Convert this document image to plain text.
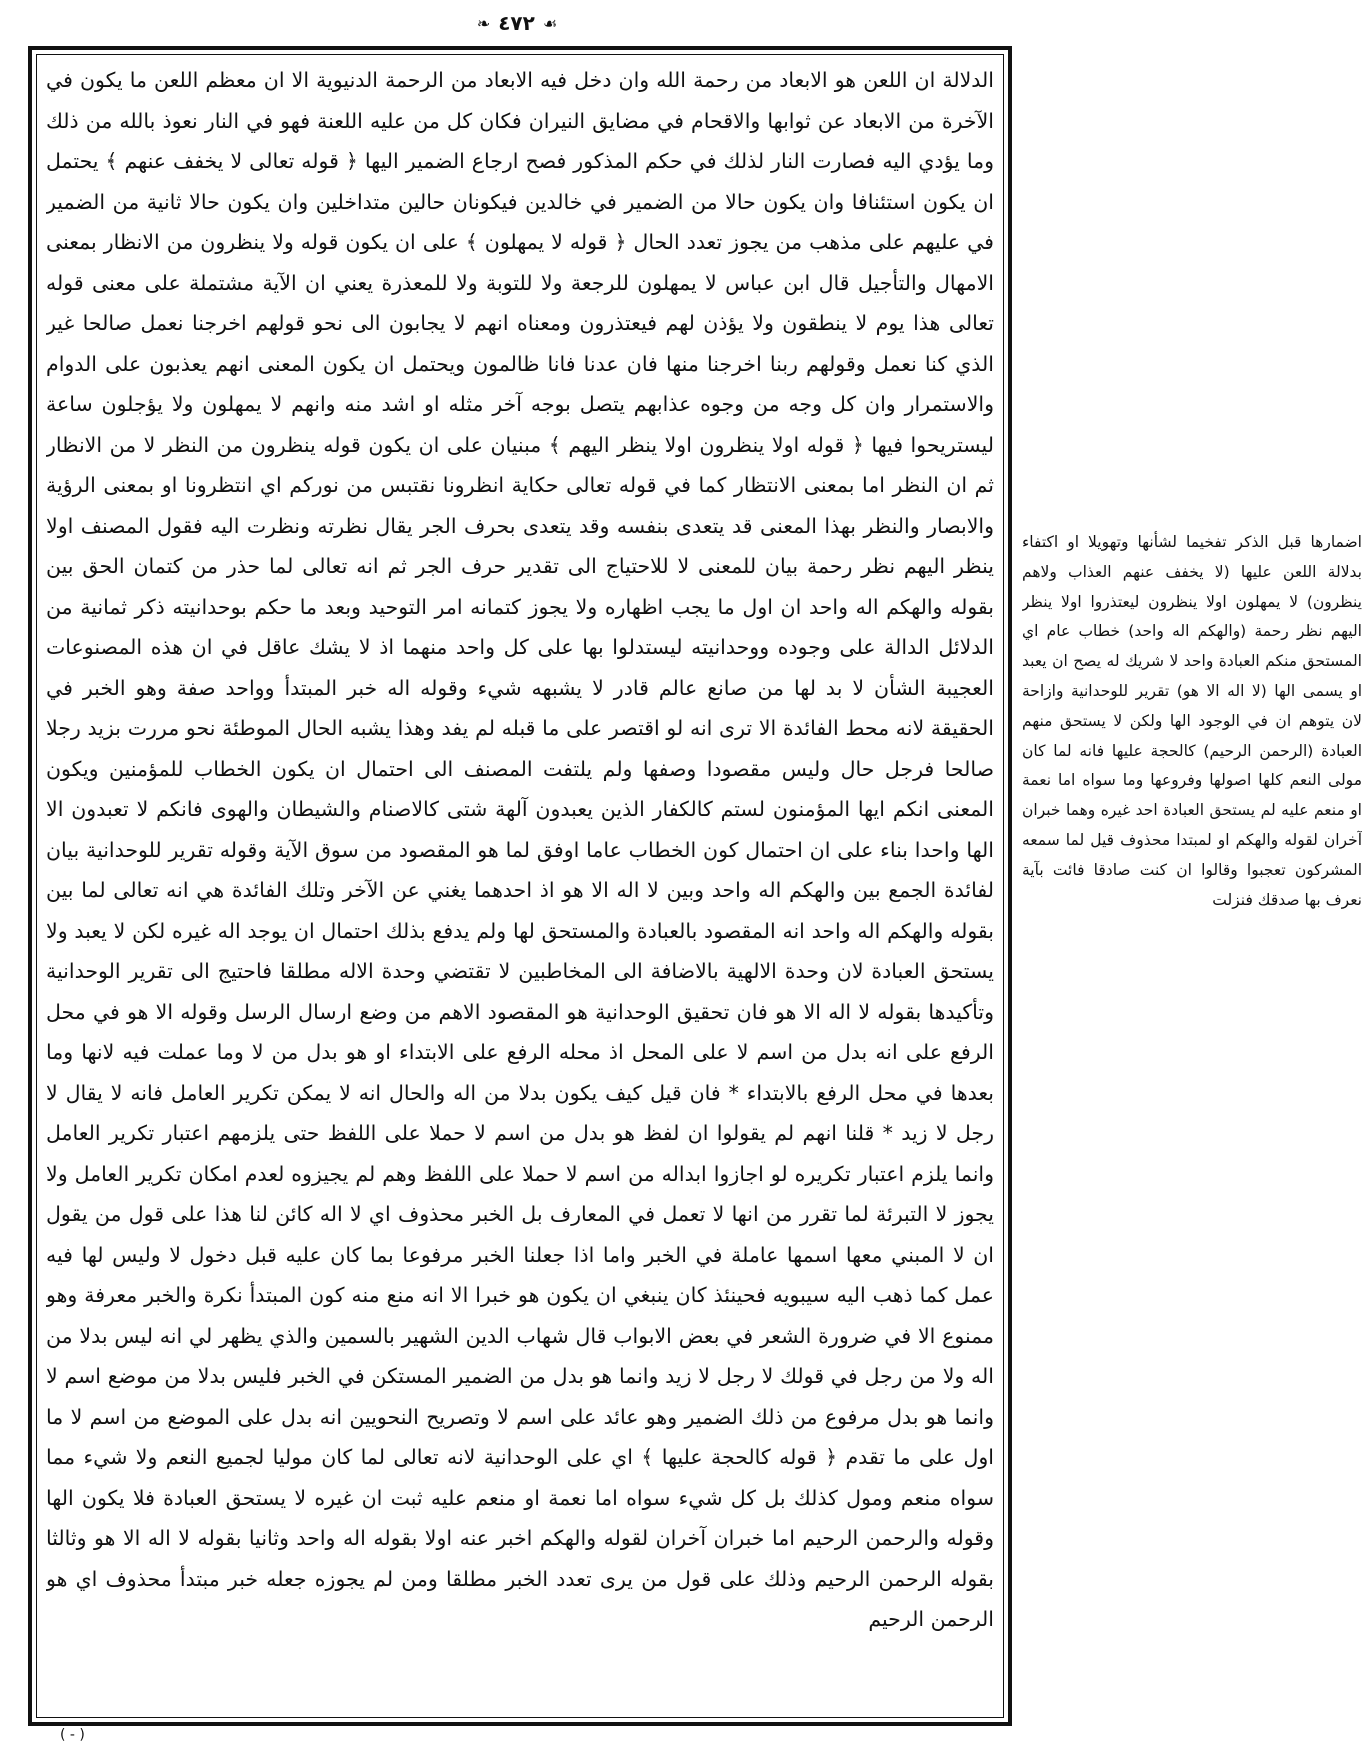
☙
٤٧٢
❧

الدلالة ان اللعن هو الابعاد من رحمة الله وان دخل فيه الابعاد من الرحمة الدنيوية الا ان معظم اللعن ما يكون في الآخرة من الابعاد عن ثوابها والاقحام في مضايق النيران فكان كل من عليه اللعنة فهو في النار نعوذ بالله من ذلك وما يؤدي اليه فصارت النار لذلك في حكم المذكور فصح ارجاع الضمير اليها ﴿ قوله تعالى لا يخفف عنهم ﴾ يحتمل ان يكون استئنافا وان يكون حالا من الضمير في خالدين فيكونان حالين متداخلين وان يكون حالا ثانية من الضمير في عليهم على مذهب من يجوز تعدد الحال ﴿ قوله لا يمهلون ﴾ على ان يكون قوله ولا ينظرون من الانظار بمعنى الامهال والتأجيل قال ابن عباس لا يمهلون للرجعة ولا للتوبة ولا للمعذرة يعني ان الآية مشتملة على معنى قوله تعالى هذا يوم لا ينطقون ولا يؤذن لهم فيعتذرون ومعناه انهم لا يجابون الى نحو قولهم اخرجنا نعمل صالحا غير الذي كنا نعمل وقولهم ربنا اخرجنا منها فان عدنا فانا ظالمون ويحتمل ان يكون المعنى انهم يعذبون على الدوام والاستمرار وان كل وجه من وجوه عذابهم يتصل بوجه آخر مثله او اشد منه وانهم لا يمهلون ولا يؤجلون ساعة ليستريحوا فيها ﴿ قوله اولا ينظرون اولا ينظر اليهم ﴾ مبنيان على ان يكون قوله ينظرون من النظر لا من الانظار ثم ان النظر اما بمعنى الانتظار كما في قوله تعالى حكاية انظرونا نقتبس من نوركم اي انتظرونا او بمعنى الرؤية والابصار والنظر بهذا المعنى قد يتعدى بنفسه وقد يتعدى بحرف الجر يقال نظرته ونظرت اليه فقول المصنف اولا ينظر اليهم نظر رحمة بيان للمعنى لا للاحتياج الى تقدير حرف الجر ثم انه تعالى لما حذر من كتمان الحق بين بقوله والهكم اله واحد ان اول ما يجب اظهاره ولا يجوز كتمانه امر التوحيد وبعد ما حكم بوحدانيته ذكر ثمانية من الدلائل الدالة على وجوده ووحدانيته ليستدلوا بها على كل واحد منهما اذ لا يشك عاقل في ان هذه المصنوعات العجيبة الشأن لا بد لها من صانع عالم قادر لا يشبهه شيء وقوله اله خبر المبتدأ وواحد صفة وهو الخبر في الحقيقة لانه محط الفائدة الا ترى انه لو اقتصر على ما قبله لم يفد وهذا يشبه الحال الموطئة نحو مررت بزيد رجلا صالحا فرجل حال وليس مقصودا وصفها ولم يلتفت المصنف الى احتمال ان يكون الخطاب للمؤمنين ويكون المعنى انكم ايها المؤمنون لستم كالكفار الذين يعبدون آلهة شتى كالاصنام والشيطان والهوى فانكم لا تعبدون الا الها واحدا بناء على ان احتمال كون الخطاب عاما اوفق لما هو المقصود من سوق الآية وقوله تقرير للوحدانية بيان لفائدة الجمع بين والهكم اله واحد وبين لا اله الا هو اذ احدهما يغني عن الآخر وتلك الفائدة هي انه تعالى لما بين بقوله والهكم اله واحد انه المقصود بالعبادة والمستحق لها ولم يدفع بذلك احتمال ان يوجد اله غيره لكن لا يعبد ولا يستحق العبادة لان وحدة الالهية بالاضافة الى المخاطبين لا تقتضي وحدة الاله مطلقا فاحتيج الى تقرير الوحدانية وتأكيدها بقوله لا اله الا هو فان تحقيق الوحدانية هو المقصود الاهم من وضع ارسال الرسل وقوله الا هو في محل الرفع على انه بدل من اسم لا على المحل اذ محله الرفع على الابتداء او هو بدل من لا وما عملت فيه لانها وما بعدها في محل الرفع بالابتداء * فان قيل كيف يكون بدلا من اله والحال انه لا يمكن تكرير العامل فانه لا يقال لا رجل لا زيد * قلنا انهم لم يقولوا ان لفظ هو بدل من اسم لا حملا على اللفظ حتى يلزمهم اعتبار تكرير العامل وانما يلزم اعتبار تكريره لو اجازوا ابداله من اسم لا حملا على اللفظ وهم لم يجيزوه لعدم امكان تكرير العامل ولا يجوز لا التبرئة لما تقرر من انها لا تعمل في المعارف بل الخبر محذوف اي لا اله كائن لنا هذا على قول من يقول ان لا المبني معها اسمها عاملة في الخبر واما اذا جعلنا الخبر مرفوعا بما كان عليه قبل دخول لا وليس لها فيه عمل كما ذهب اليه سيبويه فحينئذ كان ينبغي ان يكون هو خبرا الا انه منع منه كون المبتدأ نكرة والخبر معرفة وهو ممنوع الا في ضرورة الشعر في بعض الابواب قال شهاب الدين الشهير بالسمين والذي يظهر لي انه ليس بدلا من اله ولا من رجل في قولك لا رجل لا زيد وانما هو بدل من الضمير المستكن في الخبر فليس بدلا من موضع اسم لا وانما هو بدل مرفوع من ذلك الضمير وهو عائد على اسم لا وتصريح النحويين انه بدل على الموضع من اسم لا ما اول على ما تقدم ﴿ قوله كالحجة عليها ﴾ اي على الوحدانية لانه تعالى لما كان موليا لجميع النعم ولا شيء مما سواه منعم ومول كذلك بل كل شيء سواه اما نعمة او منعم عليه ثبت ان غيره لا يستحق العبادة فلا يكون الها وقوله والرحمن الرحيم اما خبران آخران لقوله والهكم اخبر عنه اولا بقوله اله واحد وثانيا بقوله لا اله الا هو وثالثا بقوله الرحمن الرحيم وذلك على قول من يرى تعدد الخبر مطلقا ومن لم يجوزه جعله خبر مبتدأ محذوف اي هو الرحمن الرحيم

اضمارها قبل الذكر تفخيما لشأنها وتهويلا او اكتفاء بدلالة اللعن عليها (لا يخفف عنهم العذاب ولاهم ينظرون) لا يمهلون اولا ينظرون ليعتذروا اولا ينظر اليهم نظر رحمة (والهكم اله واحد) خطاب عام اي المستحق منكم العبادة واحد لا شريك له يصح ان يعبد او يسمى الها (لا اله الا هو) تقرير للوحدانية وازاحة لان يتوهم ان في الوجود الها ولكن لا يستحق منهم العبادة (الرحمن الرحيم) كالحجة عليها فانه لما كان مولى النعم كلها اصولها وفروعها وما سواه اما نعمة او منعم عليه لم يستحق العبادة احد غيره وهما خبران آخران لقوله والهكم او لمبتدا محذوف قيل لما سمعه المشركون تعجبوا وقالوا ان كنت صادقا فائت بآية نعرف بها صدقك فنزلت

( - )
